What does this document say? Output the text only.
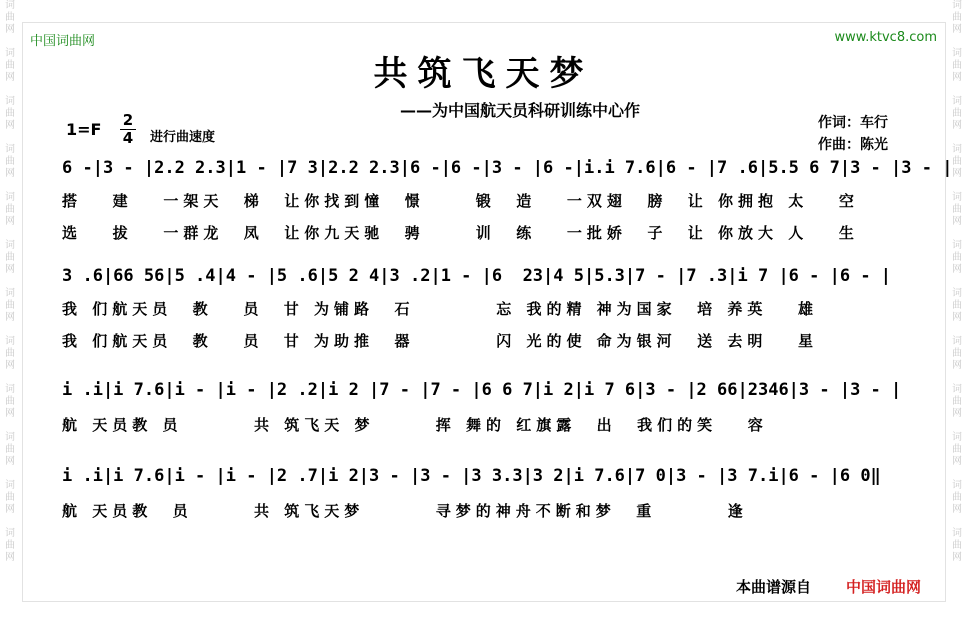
词
曲
网

词
曲
网

词
曲
网

词
曲
网

词
曲
网

词
曲
网

词
曲
网

词
曲
网

词
曲
网

词
曲
网

词
曲
网

词
曲
网
词
曲
网

词
曲
网

词
曲
网

词
曲
网

词
曲
网

词
曲
网

词
曲
网

词
曲
网

词
曲
网

词
曲
网

词
曲
网

词
曲
网
中国词曲网	www.ktvc8.com
共筑飞天梦
——为中国航天员科研训练中心作
$1=F \frac{2}{4}$ 进行曲速度
作词：车行
作曲：陈光
6 -|3 - |2.2 2.3|1 - |7 3|2.2 2.3|6 -|6 -|3 - |6 -|i.i 7.6|6 - |7 .6|5.5 6 7|3 - |3 - |
搭   建   一架天  梯  让你找到憧  憬     锻  造   一双翅  膀  让 你拥抱 太   空
选   拔   一群龙  凤  让你九天驰  骋     训  练   一批娇  子  让 你放大 人   生
3 .6|66 56|5 .4|4 - |5 .6|5 2 4|3 .2|1 - |6  23|4 5|5.3|7 - |7 .3|i 7 |6 - |6 - |
我 们航天员  教   员  甘 为铺路  石        忘 我的精 神为国家  培 养英   雄
我 们航天员  教   员  甘 为助推  器        闪 光的使 命为银河  送 去明   星
i .i|i 7.6|i - |i - |2 .2|i 2 |7 - |7 - |6 6 7|i 2|i 7 6|3 - |2 66|2346|3 - |3 - |
航 天员教 员       共 筑飞天 梦      挥 舞的 红旗露  出  我们的笑   容
i .i|i 7.6|i - |i - |2 .7|i 2|3 - |3 - |3 3.3|3 2|i 7.6|7 0|3 - |3 7.i|6 - |6 0‖
航 天员教  员      共 筑飞天梦       寻梦的神舟不断和梦  重       逢
本曲谱源自 中国词曲网
